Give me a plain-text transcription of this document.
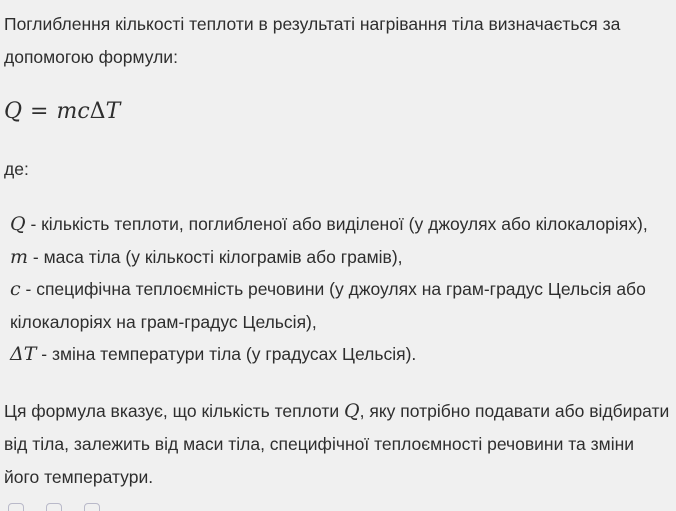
Поглиблення кількості теплоти в результаті нагрівання тіла визначається за
допомогою формули:
Q = mcΔT
де:
Q - кількість теплоти, поглибленої або виділеної (у джоулях або кілокалоріях),
m - маса тіла (у кількості кілограмів або грамів),
c - специфічна теплоємність речовини (у джоулях на грам-градус Цельсія або
кілокалоріях на грам-градус Цельсія),
ΔT - зміна температури тіла (у градусах Цельсія).
Ця формула вказує, що кількість теплоти Q, яку потрібно подавати або відбирати
від тіла, залежить від маси тіла, специфічної теплоємності речовини та зміни
його температури.
